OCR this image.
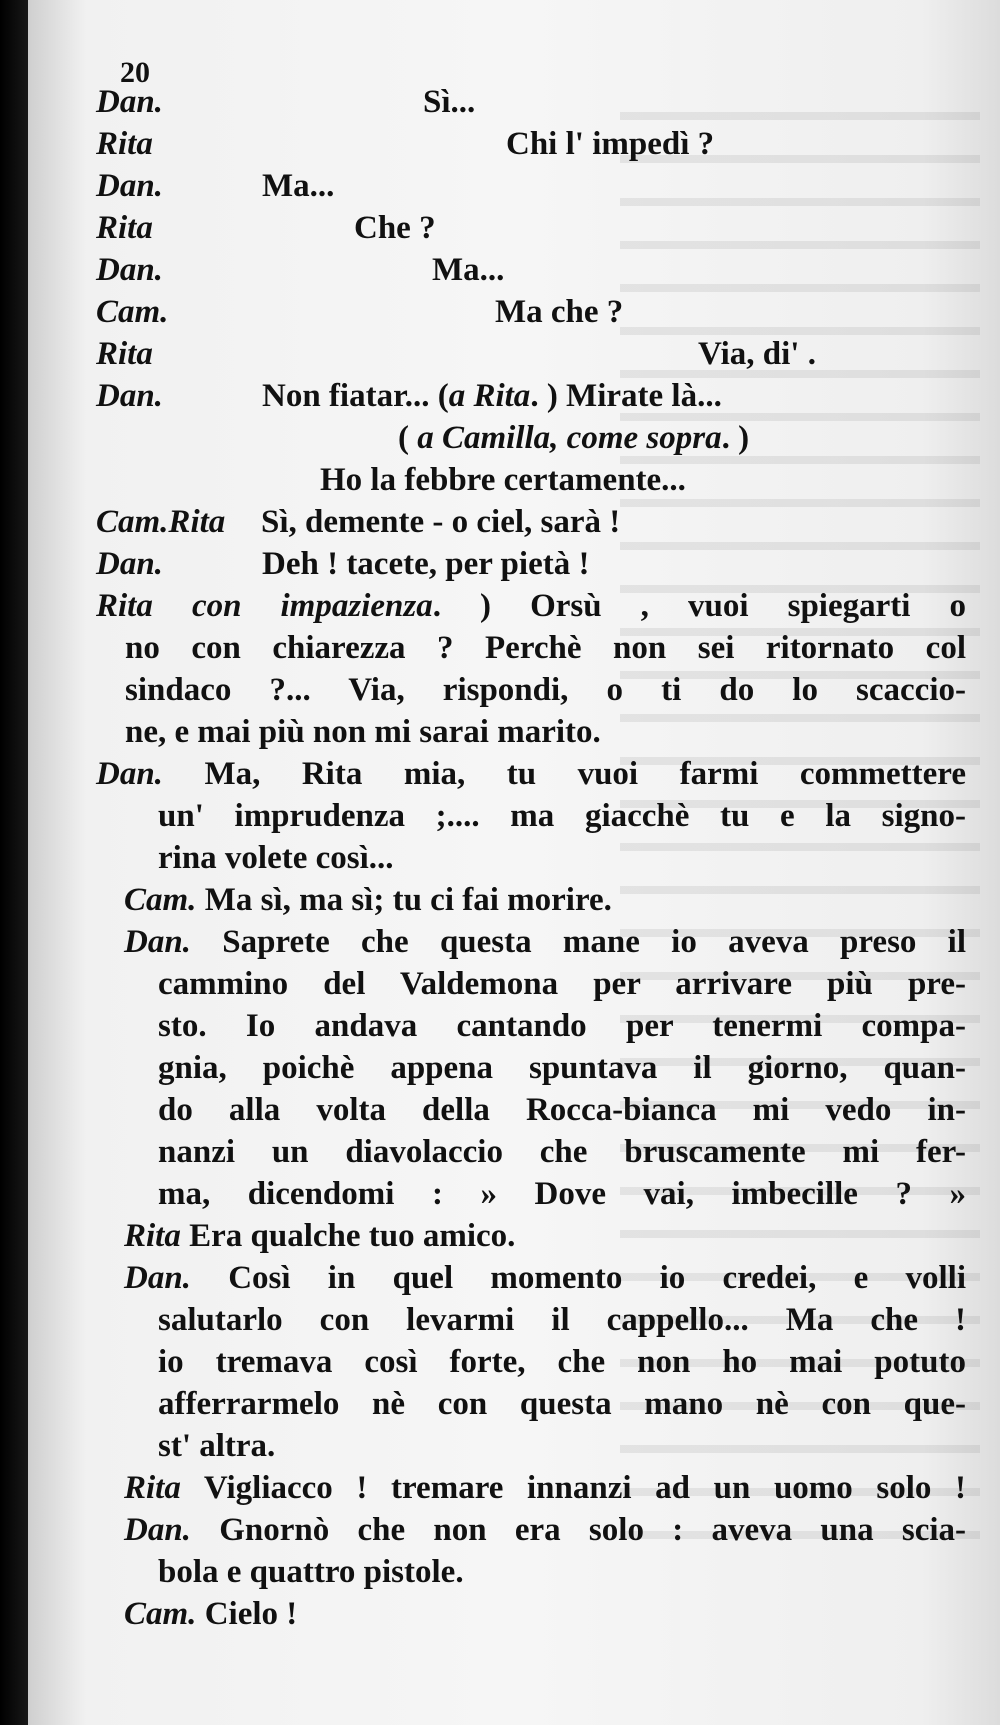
20
Dan.	Sì...
Rita	Chi l' impedì ?
Dan.	Ma...
Rita	Che ?
Dan.	Ma...
Cam.	Ma che ?
Rita	Via, di' .
Dan.	Non fiatar... (a Rita. ) Mirate là...
( a Camilla, come sopra. )
Ho la febbre certamente...
Cam.Rita Sì, demente - o ciel, sarà !
Dan.	Deh ! tacete, per pietà !
Rita con impazienza. ) Orsù , vuoi spiegarti o
no con chiarezza ? Perchè non sei ritornato col
sindaco ?... Via, rispondi, o ti do lo scaccio-
ne, e mai più non mi sarai marito.
Dan. Ma, Rita mia, tu vuoi farmi commettere
un' imprudenza ;.... ma giacchè tu e la signo-
rina volete così...
Cam. Ma sì, ma sì; tu ci fai morire.
Dan. Saprete che questa mane io aveva preso il
cammino del Valdemona per arrivare più pre-
sto. Io andava cantando per tenermi compa-
gnia, poichè appena spuntava il giorno, quan-
do alla volta della Rocca-bianca mi vedo in-
nanzi un diavolaccio che bruscamente mi fer-
ma, dicendomi : » Dove vai, imbecille ? »
Rita Era qualche tuo amico.
Dan. Così in quel momento io credei, e volli
salutarlo con levarmi il cappello... Ma che !
io tremava così forte, che non ho mai potuto
afferrarmelo nè con questa mano nè con que-
st' altra.
Rita Vigliacco ! tremare innanzi ad un uomo solo !
Dan. Gnornò che non era solo : aveva una scia-
bola e quattro pistole.
Cam. Cielo !
